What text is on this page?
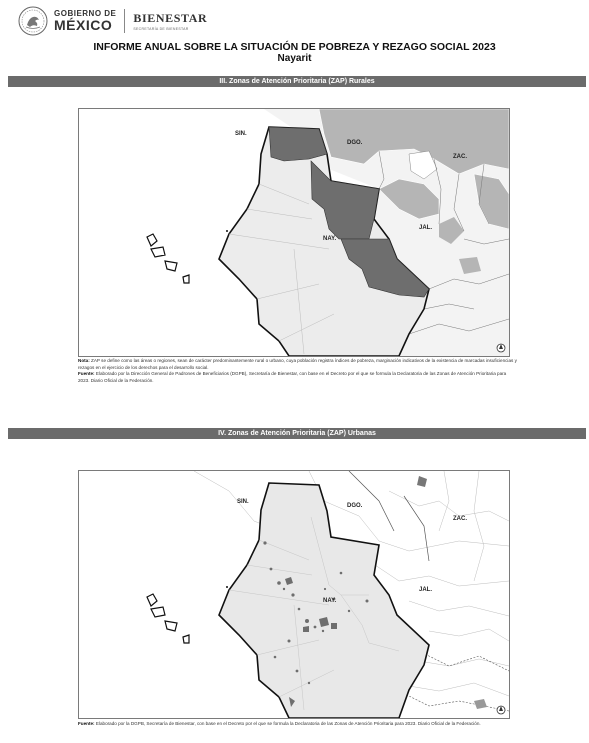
GOBIERNO DE
MÉXICO	BIENESTAR
SECRETARÍA DE BIENESTAR
INFORME ANUAL SOBRE LA SITUACIÓN DE POBREZA Y REZAGO SOCIAL 2023
Nayarit
III. Zonas de Atención Prioritaria (ZAP) Rurales
SIN.
DGO.
ZAC.
NAY.
JAL.
Nota: ZAP se define como las áreas o regiones, sean de carácter predominantemente rural o urbano, cuya población registra índices de pobreza, marginación indicativos de la existencia de marcadas insuficiencias y rezagos en el ejercicio de los derechos para el desarrollo social.
Fuente: Elaborado por la Dirección General de Padrones de Beneficiarios (DGPB), Secretaría de Bienestar, con base en el Decreto por el que se formula la Declaratoria de las Zonas de Atención Prioritaria para 2023. Diario Oficial de la Federación.
IV. Zonas de Atención Prioritaria (ZAP) Urbanas
SIN.
DGO.
ZAC.
NAY.
JAL.
Fuente: Elaborado por la DGPB, Secretaría de Bienestar, con base en el Decreto por el que se formula la Declaratoria de las Zonas de Atención Prioritaria para 2023. Diario Oficial de la Federación.
